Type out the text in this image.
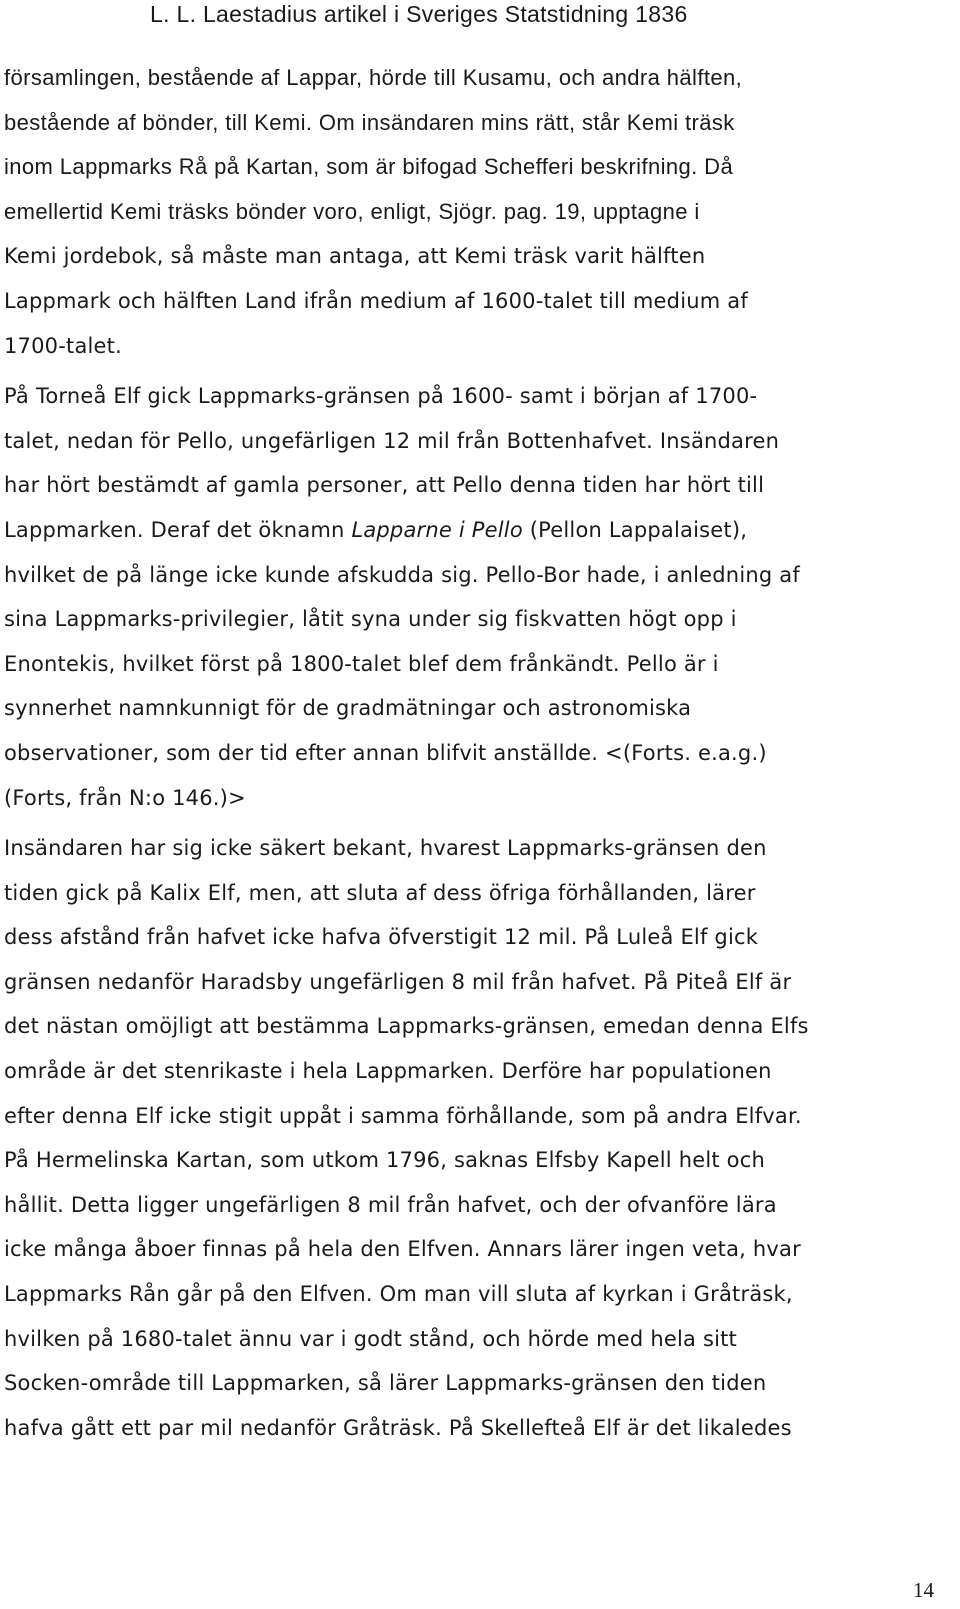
L. L. Laestadius artikel i Sveriges Statstidning 1836

församlingen, bestående af Lappar, hörde till Kusamu, och andra hälften,
bestående af bönder, till Kemi. Om insändaren mins rätt, står Kemi träsk
inom Lappmarks Rå på Kartan, som är bifogad Schefferi beskrifning. Då
emellertid Kemi träsks bönder voro, enligt, Sjögr. pag. 19, upptagne i
Kemi jordebok, så måste man antaga, att Kemi träsk varit hälften
Lappmark och hälften Land ifrån medium af 1600-talet till medium af
1700-talet.

På Torneå Elf gick Lappmarks-gränsen på 1600- samt i början af 1700-
talet, nedan för Pello, ungefärligen 12 mil från Bottenhafvet. Insändaren
har hört bestämdt af gamla personer, att Pello denna tiden har hört till
Lappmarken. Deraf det öknamn Lapparne i Pello (Pellon Lappalaiset),
hvilket de på länge icke kunde afskudda sig. Pello-Bor hade, i anledning af
sina Lappmarks-privilegier, låtit syna under sig fiskvatten högt opp i
Enontekis, hvilket först på 1800-talet blef dem frånkändt. Pello är i
synnerhet namnkunnigt för de gradmätningar och astronomiska
observationer, som der tid efter annan blifvit anställde. <(Forts. e.a.g.)
(Forts, från N:o 146.)>

Insändaren har sig icke säkert bekant, hvarest Lappmarks-gränsen den
tiden gick på Kalix Elf, men, att sluta af dess öfriga förhållanden, lärer
dess afstånd från hafvet icke hafva öfverstigit 12 mil. På Luleå Elf gick
gränsen nedanför Haradsby ungefärligen 8 mil från hafvet. På Piteå Elf är
det nästan omöjligt att bestämma Lappmarks-gränsen, emedan denna Elfs
område är det stenrikaste i hela Lappmarken. Derföre har populationen
efter denna Elf icke stigit uppåt i samma förhållande, som på andra Elfvar.
På Hermelinska Kartan, som utkom 1796, saknas Elfsby Kapell helt och
hållit. Detta ligger ungefärligen 8 mil från hafvet, och der ofvanföre lära
icke många åboer finnas på hela den Elfven. Annars lärer ingen veta, hvar
Lappmarks Rån går på den Elfven. Om man vill sluta af kyrkan i Gråträsk,
hvilken på 1680-talet ännu var i godt stånd, och hörde med hela sitt
Socken-område till Lappmarken, så lärer Lappmarks-gränsen den tiden
hafva gått ett par mil nedanför Gråträsk. På Skellefteå Elf är det likaledes

14
